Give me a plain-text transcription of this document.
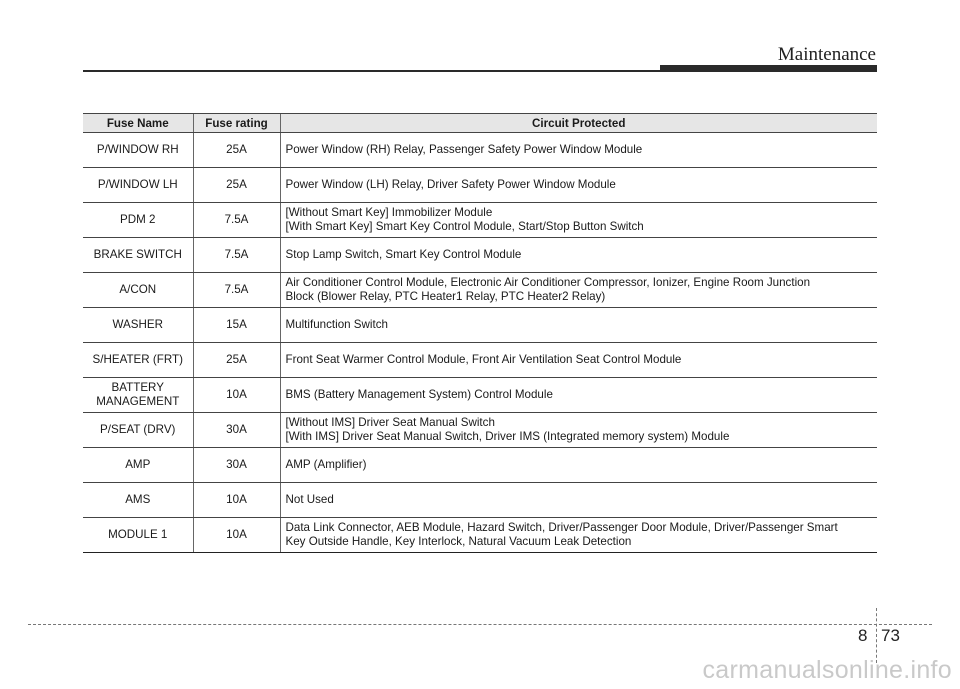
Maintenance
Fuse Name	Fuse rating	Circuit Protected

P/WINDOW RH	25A	Power Window (RH) Relay, Passenger Safety Power Window Module

P/WINDOW LH	25A	Power Window (LH) Relay, Driver Safety Power Window Module

PDM 2	7.5A	[Without Smart Key] Immobilizer Module
[With Smart Key] Smart Key Control Module, Start/Stop Button Switch

BRAKE SWITCH	7.5A	Stop Lamp Switch, Smart Key Control Module

A/CON	7.5A	Air Conditioner Control Module, Electronic Air Conditioner Compressor, Ionizer, Engine Room Junction
Block (Blower Relay, PTC Heater1 Relay, PTC Heater2 Relay)

WASHER	15A	Multifunction Switch

S/HEATER (FRT)	25A	Front Seat Warmer Control Module, Front Air Ventilation Seat Control Module

BATTERY
MANAGEMENT	10A	BMS (Battery Management System) Control Module

P/SEAT (DRV)	30A	[Without IMS] Driver Seat Manual Switch
[With IMS] Driver Seat Manual Switch, Driver IMS (Integrated memory system) Module

AMP	30A	AMP (Amplifier)

AMS	10A	Not Used

MODULE 1	10A	Data Link Connector, AEB Module, Hazard Switch, Driver/Passenger Door Module, Driver/Passenger Smart
Key Outside Handle, Key Interlock, Natural Vacuum Leak Detection
8 73
carmanualsonline.info
